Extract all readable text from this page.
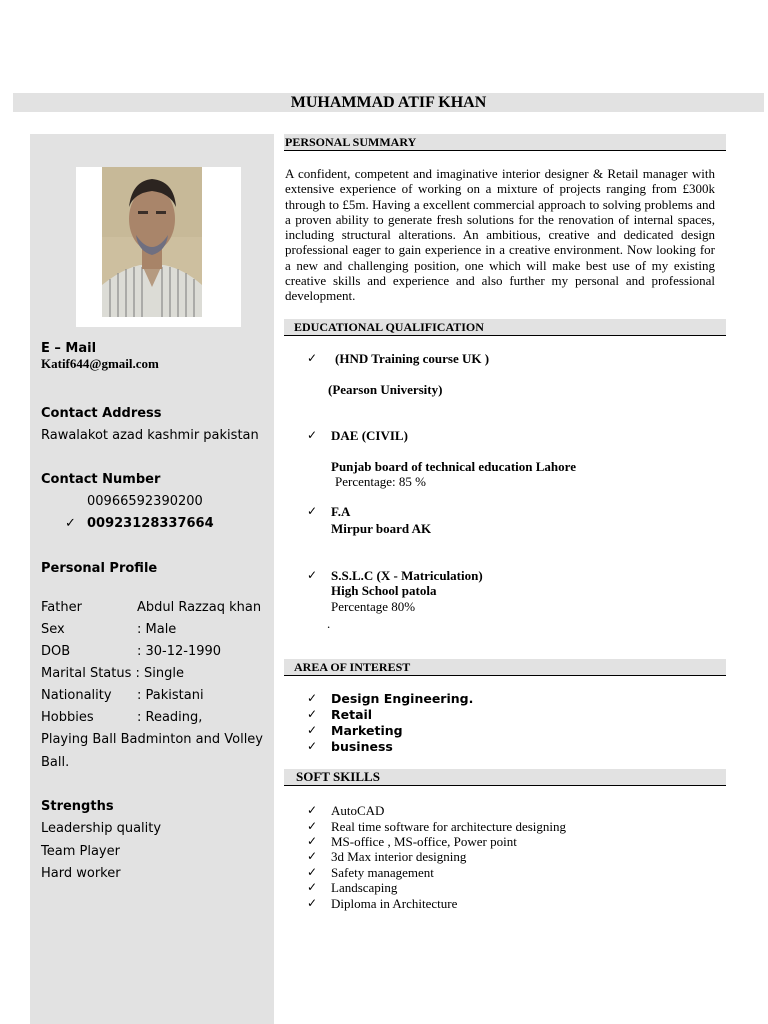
MUHAMMAD ATIF KHAN
E – Mail
Katif644@gmail.com
Contact Address
Rawalakot azad kashmir pakistan
Contact Number
00966592390200
✓ 00923128337664
Personal Profile
Father	Abdul Razzaq khan
Sex	: Male
DOB	: 30-12-1990
Marital Status : Single
Nationality : Pakistani
Hobbies	: Reading,
Playing Ball Badminton and Volley
Ball.
Strengths
Leadership quality
Team Player
Hard worker
PERSONAL SUMMARY
A confident, competent and imaginative interior designer & Retail manager with extensive experience of working on a mixture of projects ranging from £300k through to £5m. Having a excellent commercial approach to solving problems and a proven ability to generate fresh solutions for the renovation of internal spaces, including structural alterations. An ambitious, creative and dedicated design professional eager to gain experience in a creative environment. Now looking for a new and challenging position, one which will make best use of my existing creative skills and experience and also further my personal and professional development.
EDUCATIONAL QUALIFICATION
✓ (HND Training course UK )
(Pearson University)
✓ DAE (CIVIL)
Punjab board of technical education Lahore
Percentage: 85 %
✓ F.A
Mirpur board AK
✓ S.S.L.C (X - Matriculation)
High School patola
Percentage 80%
.
AREA OF INTEREST
✓ Design Engineering.
✓ Retail
✓ Marketing
✓ business
SOFT SKILLS
✓ AutoCAD
✓ Real time software for architecture designing
✓ MS-office , MS-office, Power point
✓ 3d Max interior designing
✓ Safety management
✓ Landscaping
✓ Diploma in Architecture
